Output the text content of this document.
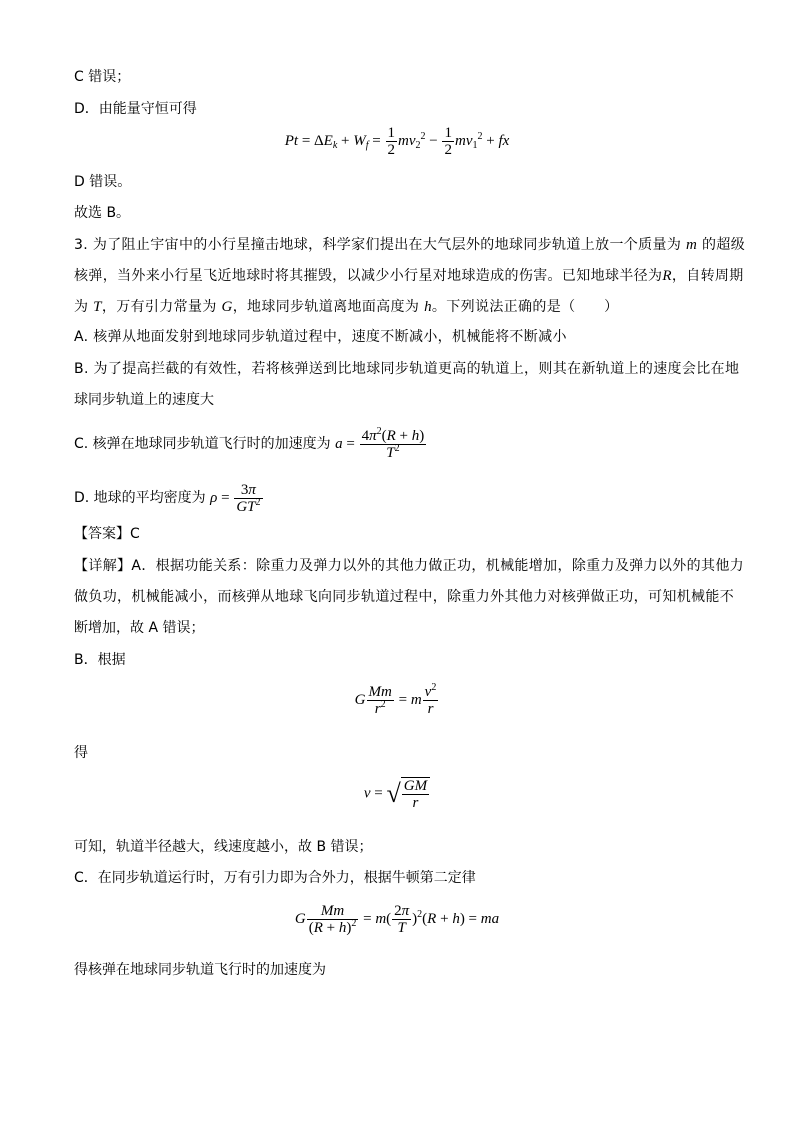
C 错误；
D．由能量守恒可得
$Pt = \Delta E_k + W_f = \frac{1}{2} mv_2^2 - \frac{1}{2} mv_1^2$ + fx
D 错误。
故选 B。
3. 为了阻止宇宙中的小行星撞击地球，科学家们提出在大气层外的地球同步轨道上放一个质量为 m 的超级
核弹，当外来小行星飞近地球时将其摧毁，以减少小行星对地球造成的伤害。已知地球半径为R，自转周期
为 T，万有引力常量为 G，地球同步轨道离地面高度为 h。下列说法正确的是（　　）
A. 核弹从地面发射到地球同步轨道过程中，速度不断减小，机械能将不断减小
B. 为了提高拦截的有效性，若将核弹送到比地球同步轨道更高的轨道上，则其在新轨道上的速度会比在地
球同步轨道上的速度大
C. 核弹在地球同步轨道飞行时的加速度为 $a = \frac{4\pi^2(R + h)}{T^2}$
D. 地球的平均密度为 $\rho = \frac{3\pi}{GT^2}$
【答案】C
【详解】A．根据功能关系：除重力及弹力以外的其他力做正功，机械能增加，除重力及弹力以外的其他力
做负功，机械能减小，而核弹从地球飞向同步轨道过程中，除重力外其他力对核弹做正功，可知机械能不
断增加，故 A 错误；
B．根据
G $\frac{Mm}{r^2} = m \frac{v^2}{r}$
得
v = √ $\frac{GM}{r}$
可知，轨道半径越大，线速度越小，故 B 错误；
C．在同步轨道运行时，万有引力即为合外力，根据牛顿第二定律
G $\frac{Mm}{(R + h)^2} = m( \frac{2\pi}{T} )^2(R + h)$ = ma
得核弹在地球同步轨道飞行时的加速度为
